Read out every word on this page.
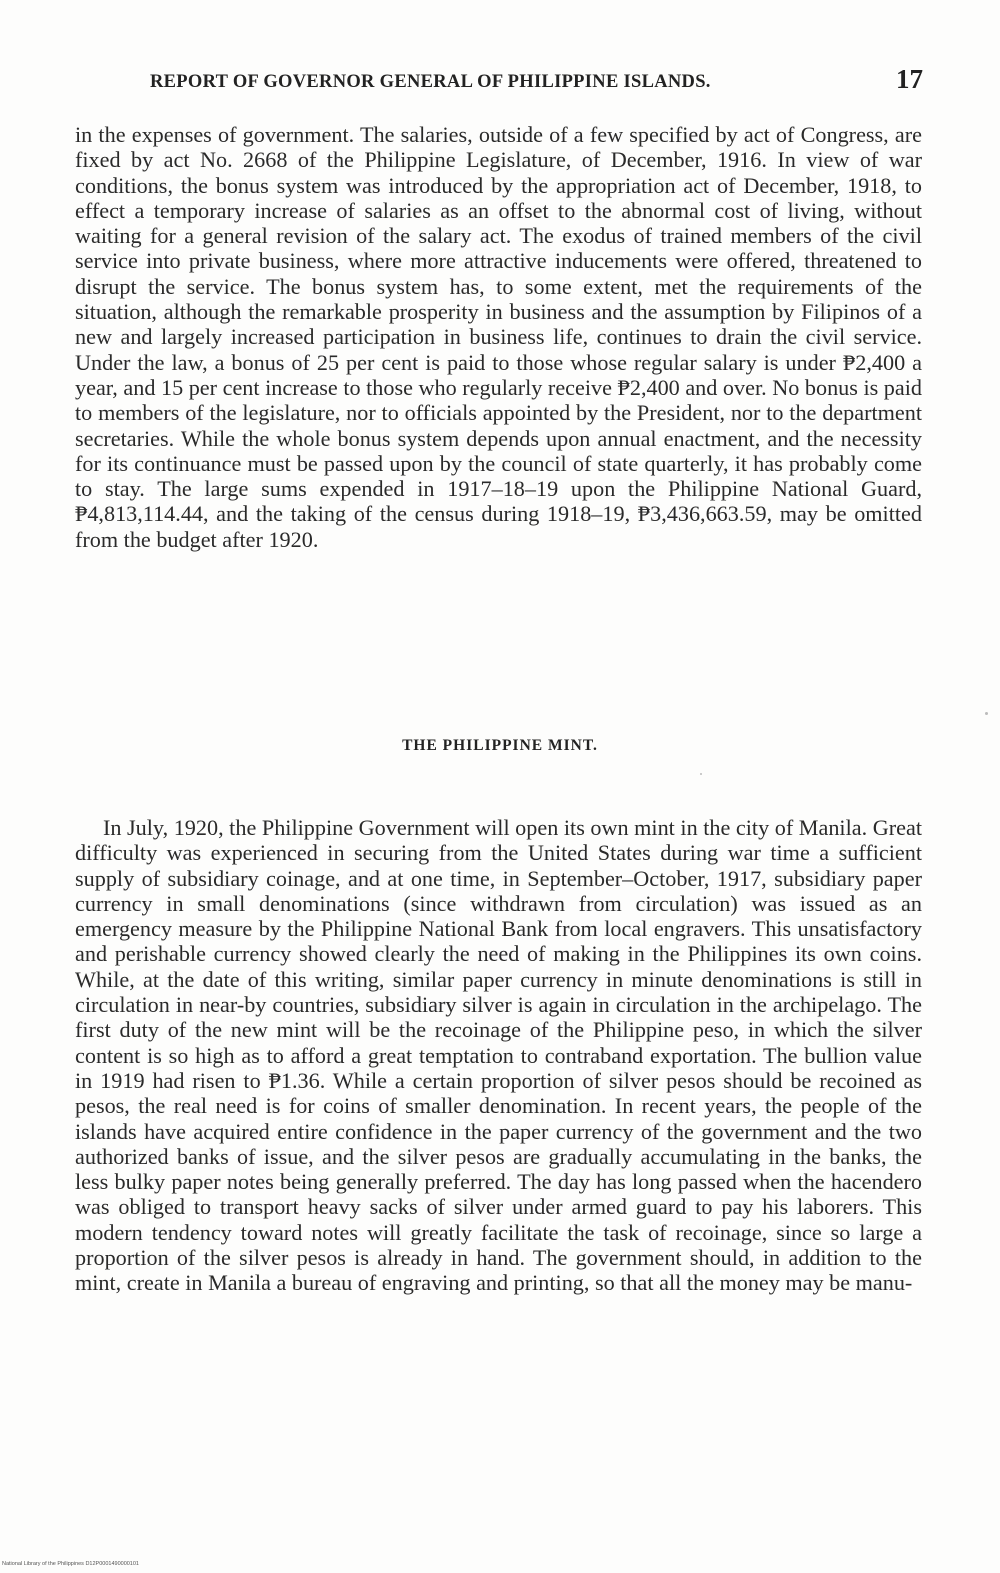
REPORT OF GOVERNOR GENERAL OF PHILIPPINE ISLANDS.	17

in the expenses of government. The salaries, outside of a few specified by act of Congress, are fixed by act No. 2668 of the Philippine Legislature, of December, 1916. In view of war conditions, the bonus system was introduced by the appropriation act of December, 1918, to effect a temporary increase of salaries as an offset to the abnormal cost of living, without waiting for a general revision of the salary act. The exodus of trained members of the civil service into private business, where more attractive inducements were offered, threatened to disrupt the service. The bonus system has, to some extent, met the requirements of the situation, although the remarkable prosperity in business and the assumption by Filipinos of a new and largely increased participation in business life, continues to drain the civil service. Under the law, a bonus of 25 per cent is paid to those whose regular salary is under ₱2,400 a year, and 15 per cent increase to those who regularly receive ₱2,400 and over. No bonus is paid to members of the legislature, nor to officials appointed by the President, nor to the department secretaries. While the whole bonus system depends upon annual enactment, and the necessity for its continuance must be passed upon by the council of state quarterly, it has probably come to stay. The large sums expended in 1917–18–19 upon the Philippine National Guard, ₱4,813,114.44, and the taking of the census during 1918–19, ₱3,436,663.59, may be omitted from the budget after 1920.

THE PHILIPPINE MINT.

In July, 1920, the Philippine Government will open its own mint in the city of Manila. Great difficulty was experienced in securing from the United States during war time a sufficient supply of subsidiary coinage, and at one time, in September–October, 1917, subsidiary paper currency in small denominations (since withdrawn from circulation) was issued as an emergency measure by the Philippine National Bank from local engravers. This unsatisfactory and perishable currency showed clearly the need of making in the Philippines its own coins. While, at the date of this writing, similar paper currency in minute denominations is still in circulation in near-by countries, subsidiary silver is again in circulation in the archipelago. The first duty of the new mint will be the recoinage of the Philippine peso, in which the silver content is so high as to afford a great temptation to contraband exportation. The bullion value in 1919 had risen to ₱1.36. While a certain proportion of silver pesos should be recoined as pesos, the real need is for coins of smaller denomination. In recent years, the people of the islands have acquired entire confidence in the paper currency of the government and the two authorized banks of issue, and the silver pesos are gradually accumulating in the banks, the less bulky paper notes being generally preferred. The day has long passed when the hacendero was obliged to transport heavy sacks of silver under armed guard to pay his laborers. This modern tendency toward notes will greatly facilitate the task of recoinage, since so large a proportion of the silver pesos is already in hand. The government should, in addition to the mint, create in Manila a bureau of engraving and printing, so that all the money may be manu-

National Library of the Philippines D12P0001490000101
